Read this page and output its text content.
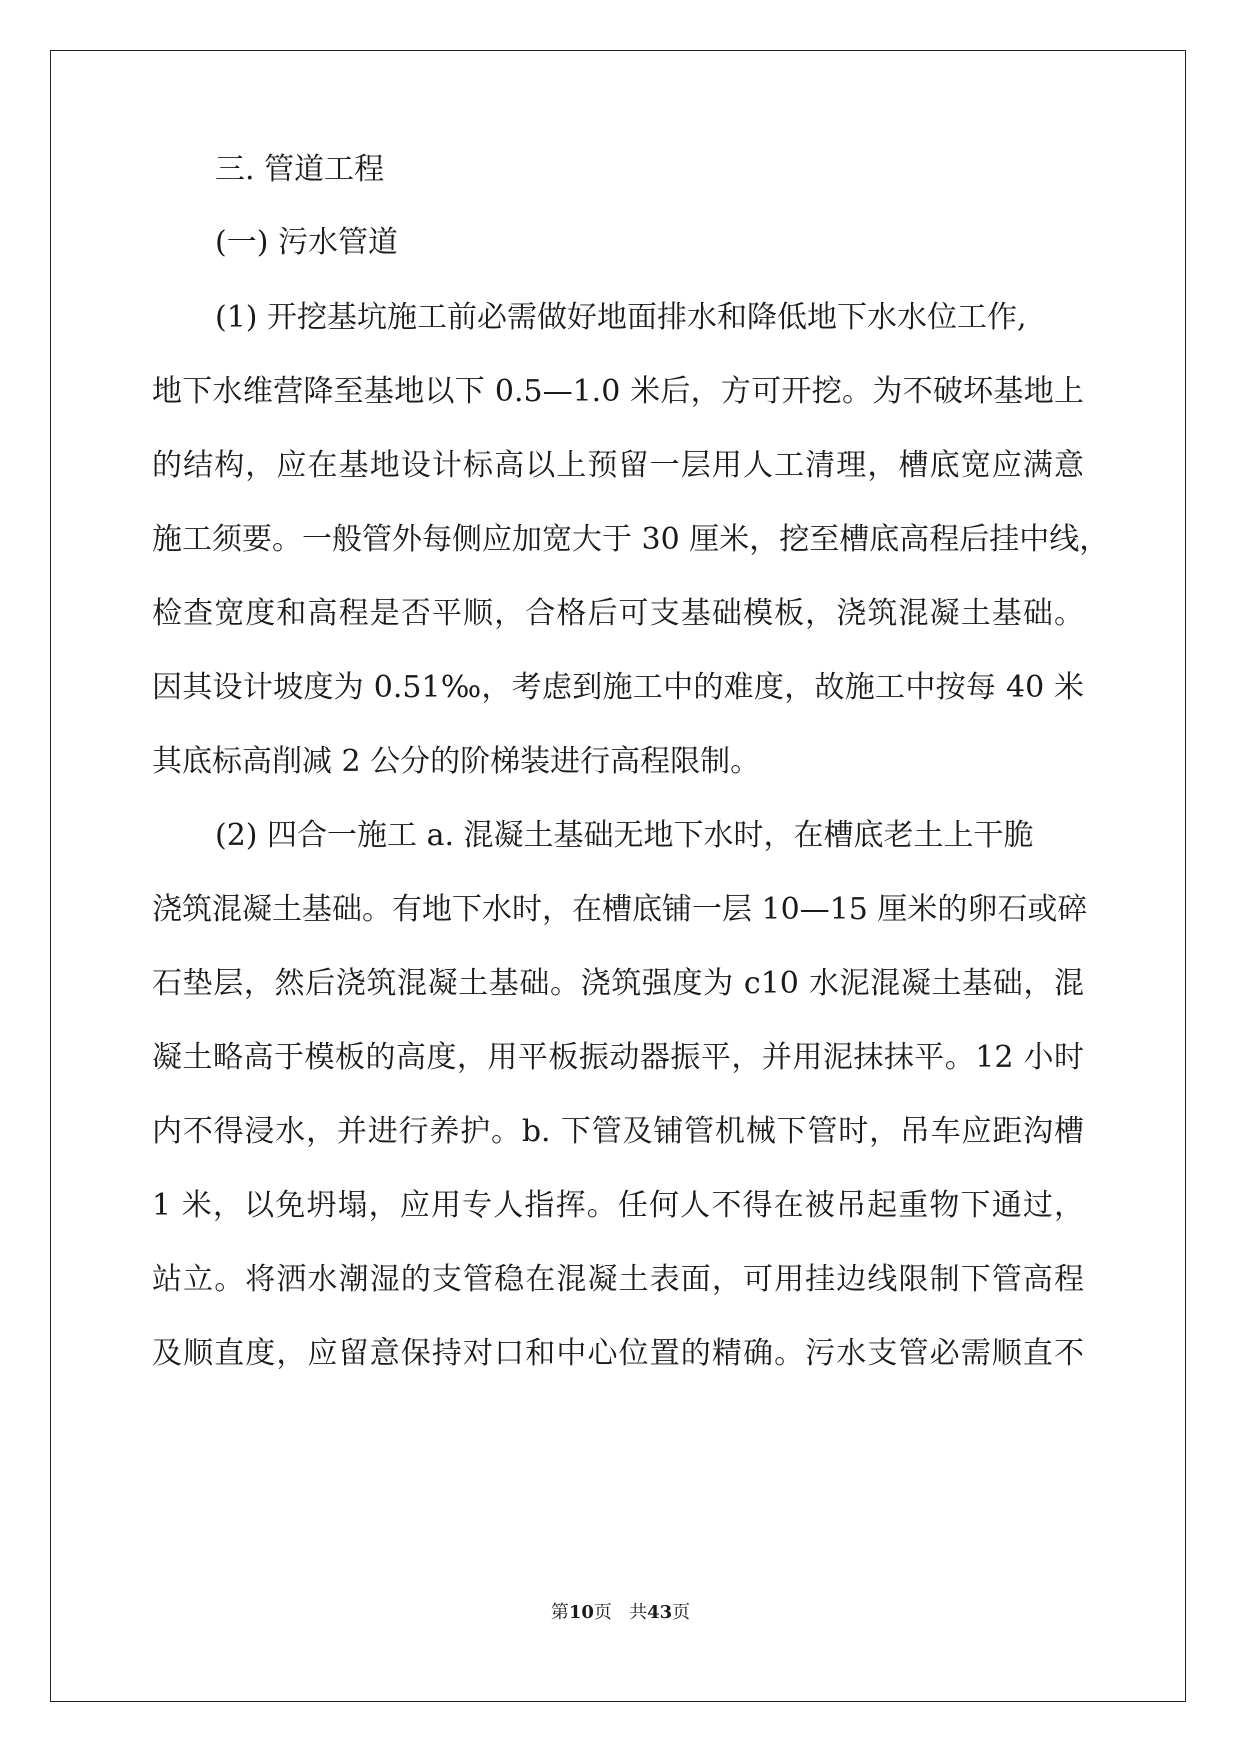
三. 管道工程
(一) 污水管道
(1) 开挖基坑施工前必需做好地面排水和降低地下水水位工作,
地下水维营降至基地以下 0.5—1.0 米后，方可开挖。为不破坏基地上
的结构，应在基地设计标高以上预留一层用人工清理，槽底宽应满意
施工须要。一般管外每侧应加宽大于 30 厘米，挖至槽底高程后挂中线，
检查宽度和高程是否平顺，合格后可支基础模板，浇筑混凝土基础。
因其设计坡度为 0.51‰，考虑到施工中的难度，故施工中按每 40 米
其底标高削减 2 公分的阶梯装进行高程限制。
(2) 四合一施工 a. 混凝土基础无地下水时，在槽底老土上干脆
浇筑混凝土基础。有地下水时，在槽底铺一层 10—15 厘米的卵石或碎
石垫层，然后浇筑混凝土基础。浇筑强度为 c10 水泥混凝土基础，混
凝土略高于模板的高度，用平板振动器振平，并用泥抹抹平。12 小时
内不得浸水，并进行养护。b. 下管及铺管机械下管时，吊车应距沟槽
1 米，以免坍塌，应用专人指挥。任何人不得在被吊起重物下通过，
站立。将洒水潮湿的支管稳在混凝土表面，可用挂边线限制下管高程
及顺直度，应留意保持对口和中心位置的精确。污水支管必需顺直不
第10页   共43页
